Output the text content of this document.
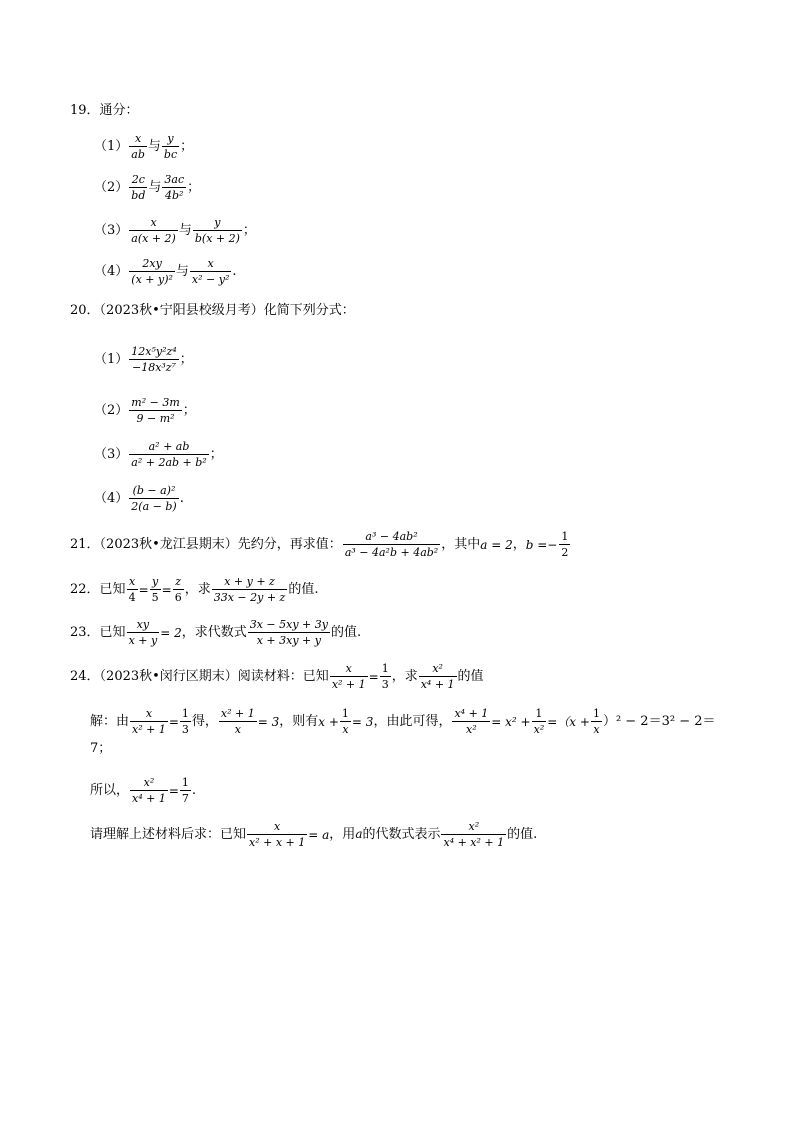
19．通分：
$(1) \frac{x}{ab}$ 与 $\frac{y}{bc}$ ；
$(2) \frac{2c}{bd}$ 与 $\frac{3ac}{\text{4b²}}$ ；
$(3) \frac{x}{a(x + 2)}$ 与 $\frac{y}{b(x + 2)}$ ；
$(4) \frac{2xy}{\text{(x + y)²}}$ 与 $\frac{x}{\text{x² − y²}}$ .
20．（2023秋•宁阳县校级月考）化简下列分式：
$(1) \frac{\text{12x⁵y²z⁴}}{\text{−18x³z⁷}}$ ；
$(2) \frac{\text{m² − 3m}}{\text{9 − m²}}$ ；
$(3) \frac{\text{a² + ab}}{\text{a² + 2ab + b²}}$ ；
$(4) \frac{\text{(b − a)²}}{2(a - b)}$ .
21．（2023秋•龙江县期末）先约分，再求值： $\frac{\text{a³ − 4ab²}}{\text{a³ − 4a²b + 4ab²}}$ ，其中a = 2，$b =- \frac{1}{2}$
22．已知 $\frac{x}{4} = \frac{y}{5} = \frac{z}{6}$ ，求 $\frac{x + y + z}{33x - 2y + z}$ 的值.
23．已知 $\frac{xy}{x + y} = 2$，求代数式 $\frac{3x - 5xy + 3y}{x + 3xy + y}$ 的值.
24．（2023秋•闵行区期末）阅读材料：已知 $\frac{x}{\text{x² + 1}} = \frac{1}{3}$ ，求 $\frac{\text{x²}}{\text{x⁴ + 1}}$ 的值
解：由 $\frac{x}{\text{x² + 1}} = \frac{1}{3}$ 得， $\frac{\text{x² + 1}}{x} = 3$，则有$x + \frac{1}{x} = 3$，由此可得， $\frac{\text{x⁴ + 1}}{\text{x²}} = x^2 + \frac{1}{\text{x²}} =(x + \frac{1}{x} )^2 - 2=3^2 - 2=$
7；
所以， $\frac{\text{x²}}{\text{x⁴ + 1}} = \frac{1}{7}$ .
请理解上述材料后求：已知 $\frac{x}{\text{x² + x + 1}} = a$，用a的代数式表示 $\frac{\text{x²}}{\text{x⁴ + x² + 1}}$ 的值.
